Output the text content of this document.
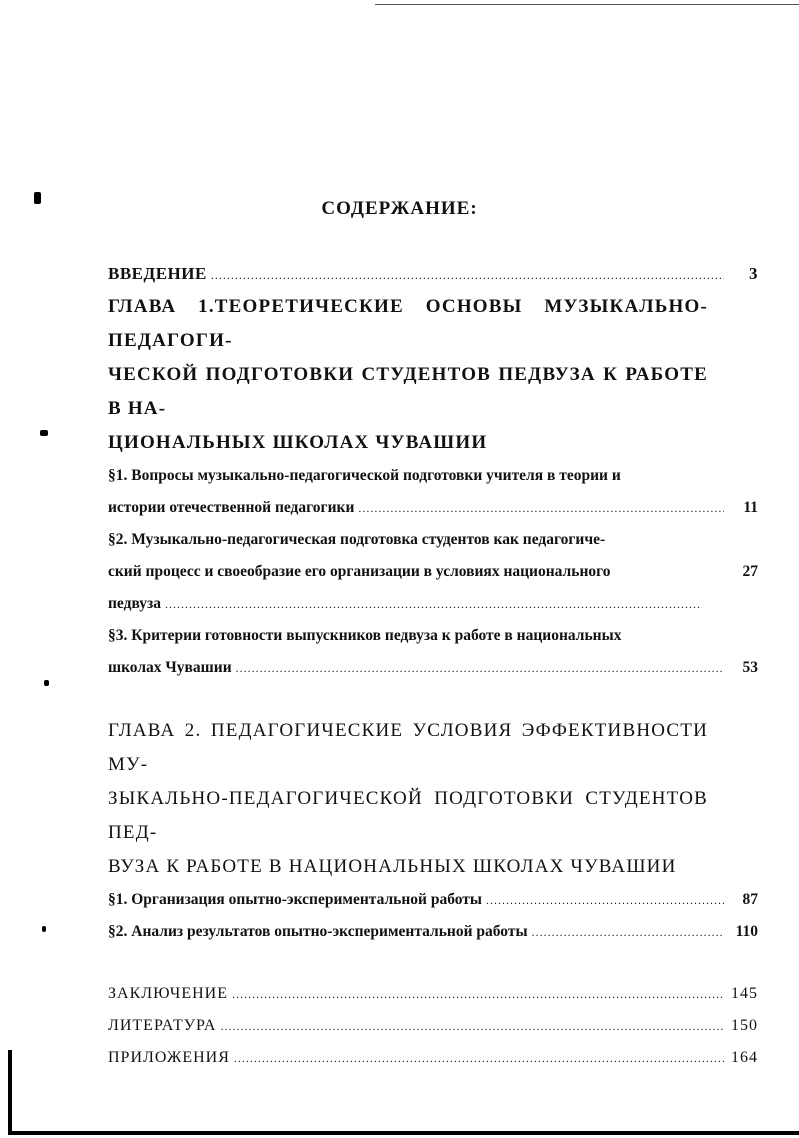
СОДЕРЖАНИЕ:
ВВЕДЕНИЕ .....	3
ГЛАВА 1.ТЕОРЕТИЧЕСКИЕ ОСНОВЫ МУЗЫКАЛЬНО-ПЕДАГОГИ-
ЧЕСКОЙ ПОДГОТОВКИ СТУДЕНТОВ ПЕДВУЗА К РАБОТЕ В НА-
ЦИОНАЛЬНЫХ ШКОЛАХ ЧУВАШИИ
§1. Вопросы музыкально-педагогической подготовки учителя в теории и
истории отечественной педагогики .....	11
§2. Музыкально-педагогическая подготовка студентов как педагогиче-
ский процесс и своеобразие его организации в условиях национального	27
педвуза
.....
§3. Критерии готовности выпускников педвуза к работе в национальных
школах Чувашии .....	53
ГЛАВА 2. ПЕДАГОГИЧЕСКИЕ УСЛОВИЯ ЭФФЕКТИВНОСТИ МУ-
ЗЫКАЛЬНО-ПЕДАГОГИЧЕСКОЙ ПОДГОТОВКИ СТУДЕНТОВ ПЕД-
ВУЗА К РАБОТЕ В НАЦИОНАЛЬНЫХ ШКОЛАХ ЧУВАШИИ
§1. Организация опытно-экспериментальной работы .....	87
§2. Анализ результатов опытно-экспериментальной работы .....	110
ЗАКЛЮЧЕНИЕ .....	145
ЛИТЕРАТУРА .....	150
ПРИЛОЖЕНИЯ .....	164
